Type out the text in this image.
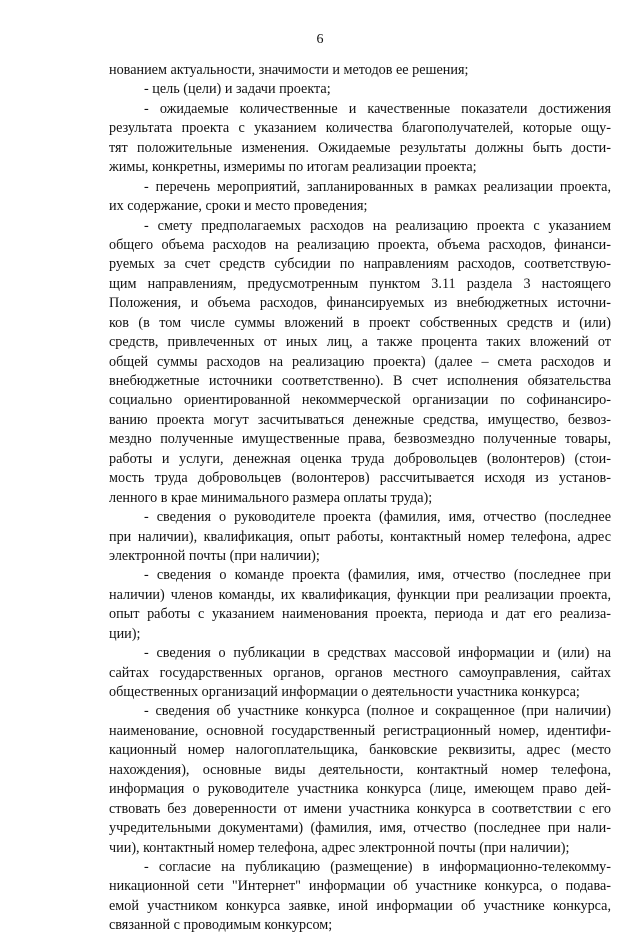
6
нованием актуальности, значимости и методов ее решения;
- цель (цели) и задачи проекта;
- ожидаемые количественные и качественные показатели достижения
результата проекта с указанием количества благополучателей, которые ощу-
тят положительные изменения. Ожидаемые результаты должны быть дости-
жимы, конкретны, измеримы по итогам реализации проекта;
- перечень мероприятий, запланированных в рамках реализации проекта,
их содержание, сроки и место проведения;
- смету предполагаемых расходов на реализацию проекта с указанием
общего объема расходов на реализацию проекта, объема расходов, финанси-
руемых за счет средств субсидии по направлениям расходов, соответствую-
щим направлениям, предусмотренным пунктом 3.11 раздела 3 настоящего
Положения, и объема расходов, финансируемых из внебюджетных источни-
ков (в том числе суммы вложений в проект собственных средств и (или)
средств, привлеченных от иных лиц, а также процента таких вложений от
общей суммы расходов на реализацию проекта) (далее – смета расходов и
внебюджетные источники соответственно). В счет исполнения обязательства
социально ориентированной некоммерческой организации по софинансиро-
ванию проекта могут засчитываться денежные средства, имущество, безвоз-
мездно полученные имущественные права, безвозмездно полученные товары,
работы и услуги, денежная оценка труда добровольцев (волонтеров) (стои-
мость труда добровольцев (волонтеров) рассчитывается исходя из установ-
ленного в крае минимального размера оплаты труда);
- сведения о руководителе проекта (фамилия, имя, отчество (последнее
при наличии), квалификация, опыт работы, контактный номер телефона, адрес
электронной почты (при наличии);
- сведения о команде проекта (фамилия, имя, отчество (последнее при
наличии) членов команды, их квалификация, функции при реализации проекта,
опыт работы с указанием наименования проекта, периода и дат его реализа-
ции);
- сведения о публикации в средствах массовой информации и (или) на
сайтах государственных органов, органов местного самоуправления, сайтах
общественных организаций информации о деятельности участника конкурса;
- сведения об участнике конкурса (полное и сокращенное (при наличии)
наименование, основной государственный регистрационный номер, идентифи-
кационный номер налогоплательщика, банковские реквизиты, адрес (место
нахождения), основные виды деятельности, контактный номер телефона,
информация о руководителе участника конкурса (лице, имеющем право дей-
ствовать без доверенности от имени участника конкурса в соответствии с его
учредительными документами) (фамилия, имя, отчество (последнее при нали-
чии), контактный номер телефона, адрес электронной почты (при наличии);
- согласие на публикацию (размещение) в информационно-телекомму-
никационной сети "Интернет" информации об участнике конкурса, о подава-
емой участником конкурса заявке, иной информации об участнике конкурса,
связанной с проводимым конкурсом;
